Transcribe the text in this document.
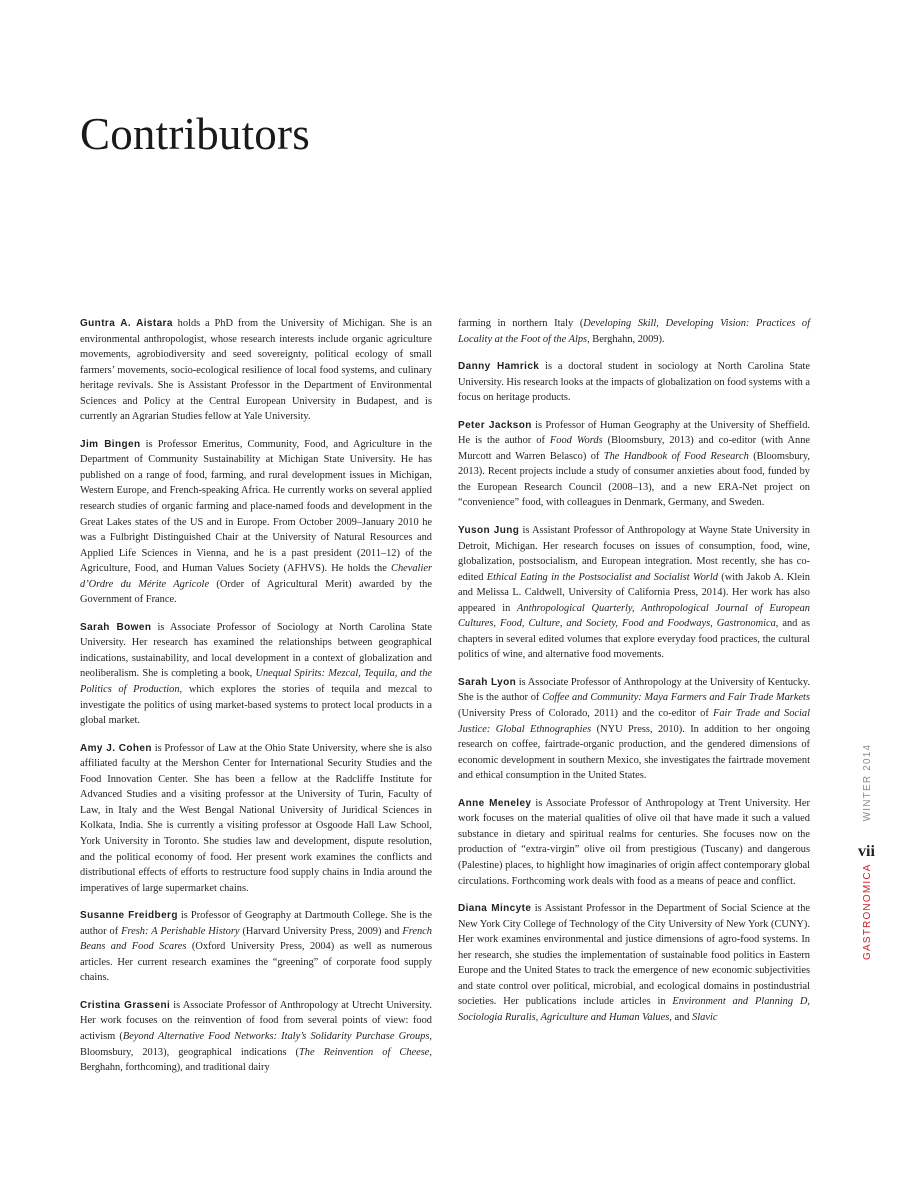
Contributors

Guntra A. Aistara holds a PhD from the University of Michigan. She is an environmental anthropologist, whose research interests include organic agriculture movements, agrobiodiversity and seed sovereignty, political ecology of small farmers’ movements, socio-ecological resilience of local food systems, and culinary heritage revivals. She is Assistant Professor in the Department of Environmental Sciences and Policy at the Central European University in Budapest, and is currently an Agrarian Studies fellow at Yale University.

Jim Bingen is Professor Emeritus, Community, Food, and Agriculture in the Department of Community Sustainability at Michigan State University. He has published on a range of food, farming, and rural development issues in Michigan, Western Europe, and French-speaking Africa. He currently works on several applied research studies of organic farming and place-named foods and development in the Great Lakes states of the US and in Europe. From October 2009–January 2010 he was a Fulbright Distinguished Chair at the University of Natural Resources and Applied Life Sciences in Vienna, and he is a past president (2011–12) of the Agriculture, Food, and Human Values Society (AFHVS). He holds the Chevalier d’Ordre du Mérite Agricole (Order of Agricultural Merit) awarded by the Government of France.

Sarah Bowen is Associate Professor of Sociology at North Carolina State University. Her research has examined the relationships between geographical indications, sustainability, and local development in a context of globalization and neoliberalism. She is completing a book, Unequal Spirits: Mezcal, Tequila, and the Politics of Production, which explores the stories of tequila and mezcal to investigate the politics of using market-based systems to protect local products in a global market.

Amy J. Cohen is Professor of Law at the Ohio State University, where she is also affiliated faculty at the Mershon Center for International Security Studies and the Food Innovation Center. She has been a fellow at the Radcliffe Institute for Advanced Studies and a visiting professor at the University of Turin, Faculty of Law, in Italy and the West Bengal National University of Juridical Sciences in Kolkata, India. She is currently a visiting professor at Osgoode Hall Law School, York University in Toronto. She studies law and development, dispute resolution, and the political economy of food. Her present work examines the conflicts and distributional effects of efforts to restructure food supply chains in India around the imperatives of large supermarket chains.

Susanne Freidberg is Professor of Geography at Dartmouth College. She is the author of Fresh: A Perishable History (Harvard University Press, 2009) and French Beans and Food Scares (Oxford University Press, 2004) as well as numerous articles. Her current research examines the “greening” of corporate food supply chains.

Cristina Grasseni is Associate Professor of Anthropology at Utrecht University. Her work focuses on the reinvention of food from several points of view: food activism (Beyond Alternative Food Networks: Italy’s Solidarity Purchase Groups, Bloomsbury, 2013), geographical indications (The Reinvention of Cheese, Berghahn, forthcoming), and traditional dairy

farming in northern Italy (Developing Skill, Developing Vision: Practices of Locality at the Foot of the Alps, Berghahn, 2009).

Danny Hamrick is a doctoral student in sociology at North Carolina State University. His research looks at the impacts of globalization on food systems with a focus on heritage products.

Peter Jackson is Professor of Human Geography at the University of Sheffield. He is the author of Food Words (Bloomsbury, 2013) and co-editor (with Anne Murcott and Warren Belasco) of The Handbook of Food Research (Bloomsbury, 2013). Recent projects include a study of consumer anxieties about food, funded by the European Research Council (2008–13), and a new ERA-Net project on “convenience” food, with colleagues in Denmark, Germany, and Sweden.

Yuson Jung is Assistant Professor of Anthropology at Wayne State University in Detroit, Michigan. Her research focuses on issues of consumption, food, wine, globalization, postsocialism, and European integration. Most recently, she has co-edited Ethical Eating in the Postsocialist and Socialist World (with Jakob A. Klein and Melissa L. Caldwell, University of California Press, 2014). Her work has also appeared in Anthropological Quarterly, Anthropological Journal of European Cultures, Food, Culture, and Society, Food and Foodways, Gastronomica, and as chapters in several edited volumes that explore everyday food practices, the cultural politics of wine, and alternative food movements.

Sarah Lyon is Associate Professor of Anthropology at the University of Kentucky. She is the author of Coffee and Community: Maya Farmers and Fair Trade Markets (University Press of Colorado, 2011) and the co-editor of Fair Trade and Social Justice: Global Ethnographies (NYU Press, 2010). In addition to her ongoing research on coffee, fairtrade-organic production, and the gendered dimensions of economic development in southern Mexico, she investigates the fairtrade movement and ethical consumption in the United States.

Anne Meneley is Associate Professor of Anthropology at Trent University. Her work focuses on the material qualities of olive oil that have made it such a valued substance in dietary and spiritual realms for centuries. She focuses now on the production of “extra-virgin” olive oil from prestigious (Tuscany) and dangerous (Palestine) places, to highlight how imaginaries of origin affect contemporary global circulations. Forthcoming work deals with food as a means of peace and conflict.

Diana Mincyte is Assistant Professor in the Department of Social Science at the New York City College of Technology of the City University of New York (CUNY). Her work examines environmental and justice dimensions of agro-food systems. In her research, she studies the implementation of sustainable food politics in Eastern Europe and the United States to track the emergence of new economic subjectivities and state control over political, microbial, and ecological domains in postindustrial societies. Her publications include articles in Environment and Planning D, Sociologia Ruralis, Agriculture and Human Values, and Slavic

GASTRONOMICAWINTER 2014
vii
